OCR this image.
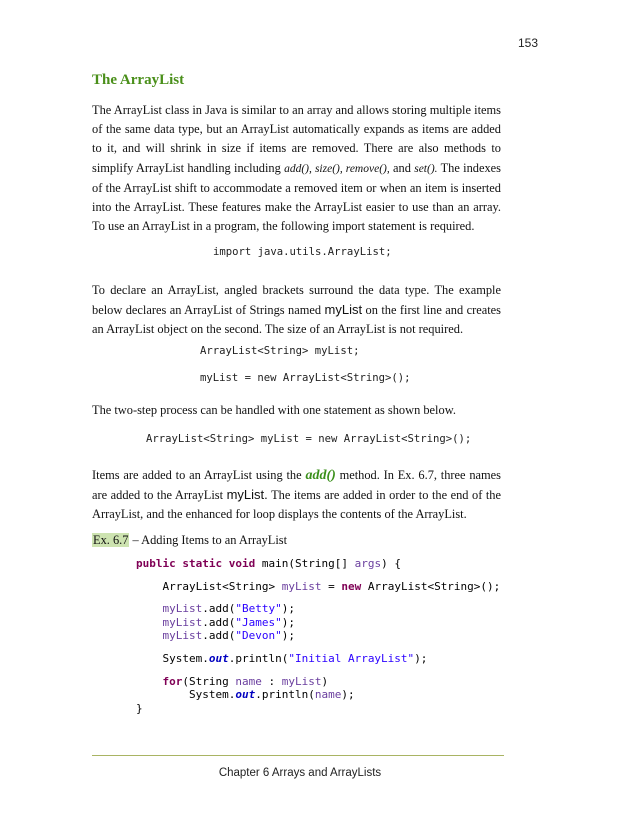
153
The ArrayList

The ArrayList class in Java is similar to an array and allows storing multiple items of the same data type, but an ArrayList automatically expands as items are added to it, and will shrink in size if items are removed. There are also methods to simplify ArrayList handling including add(), size(), remove(), and set(). The indexes of the ArrayList shift to accommodate a removed item or when an item is inserted into the ArrayList. These features make the ArrayList easier to use than an array. To use an ArrayList in a program, the following import statement is required.

import java.utils.ArrayList;

To declare an ArrayList, angled brackets surround the data type. The example below declares an ArrayList of Strings named myList on the first line and creates an ArrayList object on the second. The size of an ArrayList is not required.

ArrayList<String> myList;
myList = new ArrayList<String>();

The two-step process can be handled with one statement as shown below.

ArrayList<String> myList = new ArrayList<String>();

Items are added to an ArrayList using the add() method. In Ex. 6.7, three names are added to the ArrayList myList. The items are added in order to the end of the ArrayList, and the enhanced for loop displays the contents of the ArrayList.

Ex. 6.7 – Adding Items to an ArrayList
public static void main(String[] args) {

ArrayList<String> myList = new ArrayList<String>();

myList.add("Betty");
myList.add("James");
myList.add("Devon");

System.out.println("Initial ArrayList");

for(String name : myList)
System.out.println(name);
}
Chapter 6 Arrays and ArrayLists
